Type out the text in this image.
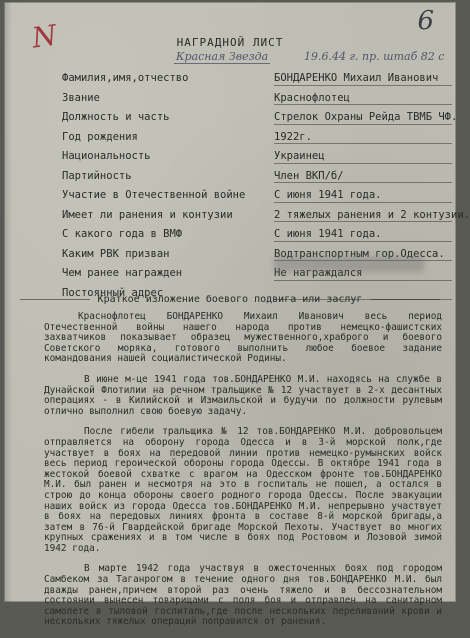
6
N	НАГРАДНОЙ ЛИСТ
Красная Звезда	19.6.44 г. пр. штаб 82 с
Фамилия,имя,отчество	БОНДАРЕНКО Михаил Иванович
Звание	Краснофлотец
Должность и часть	Стрелок Охраны Рейда ТВМБ ЧФ.
Год рождения	1922г.
Национальность	Украинец
Партийность	Член ВКП/б/
Участие в Отечественной войне	С июня 1941 года.
Имеет ли ранения и контузии	2 тяжелых ранения и 2 контузии.
С какого года в ВМФ	С июня 1941 года.
Каким РВК призван	Водтранспортным гор.Одесса.
Чем ранее награжден	Не награждался
Постоянный адрес
Краткое изложение боевого подвига или заслуг

Краснофлотец БОНДАРЕНКО Михаил Иванович весь период Отечественной войны нашего народа против немецко-фашистских захватчиков показывает образец мужественного,храброго и боевого Советского моряка, готового выполнить любое боевое задание командования нашей социалистической Родины.

В июне м-це 1941 года тов.БОНДАРЕНКО М.И. находясь на службе в Дунайской Флотилии на речном тральщике № 12 участвует в 2-х десантных операциях - в Килийской и Измаильской и будучи по должности рулевым отлично выполнил свою боевую задачу.

После гибели тральщика № 12 тов.БОНДАРЕНКО М.И. добровольцем отправляется на оборону города Одесса и в 3-й морской полк,где участвует в боях на передовой линии против немецко-румынских войск весь период героической обороны города Одессы. В октябре 1941 года в жестокой боевой схватке с врагом на Одесском фронте тов.БОНДАРЕНКО М.И. был ранен и несмотря на это в госпиталь не пошел, а остался в строю до конца обороны своего родного города Одессы. После эвакуации наших войск из города Одесса тов.БОНДАРЕНКО М.И. непрерывно участвует в боях на передовых линиях фронта в составе 8-й морской бригады,а затем в 76-й Гвардейской бригаде Морской Пехоты. Участвует во многих крупных сражениях и в том числе в боях под Ростовом и Лозовой зимой 1942 года.

В марте 1942 года участвуя в ожесточенных боях под городом Самбеком за Таганрогом в течение одного дня тов.БОНДАРЕНКО М.И. был дважды ранен,причем второй раз очень тяжело и в бессознательном состоянии вынесен товарищами с поля боя и отправлен на санитарном самолете в тыловой госпиталь,где после нескольких переливаний крови и нескольких тяжелых операций поправился от ранения.
